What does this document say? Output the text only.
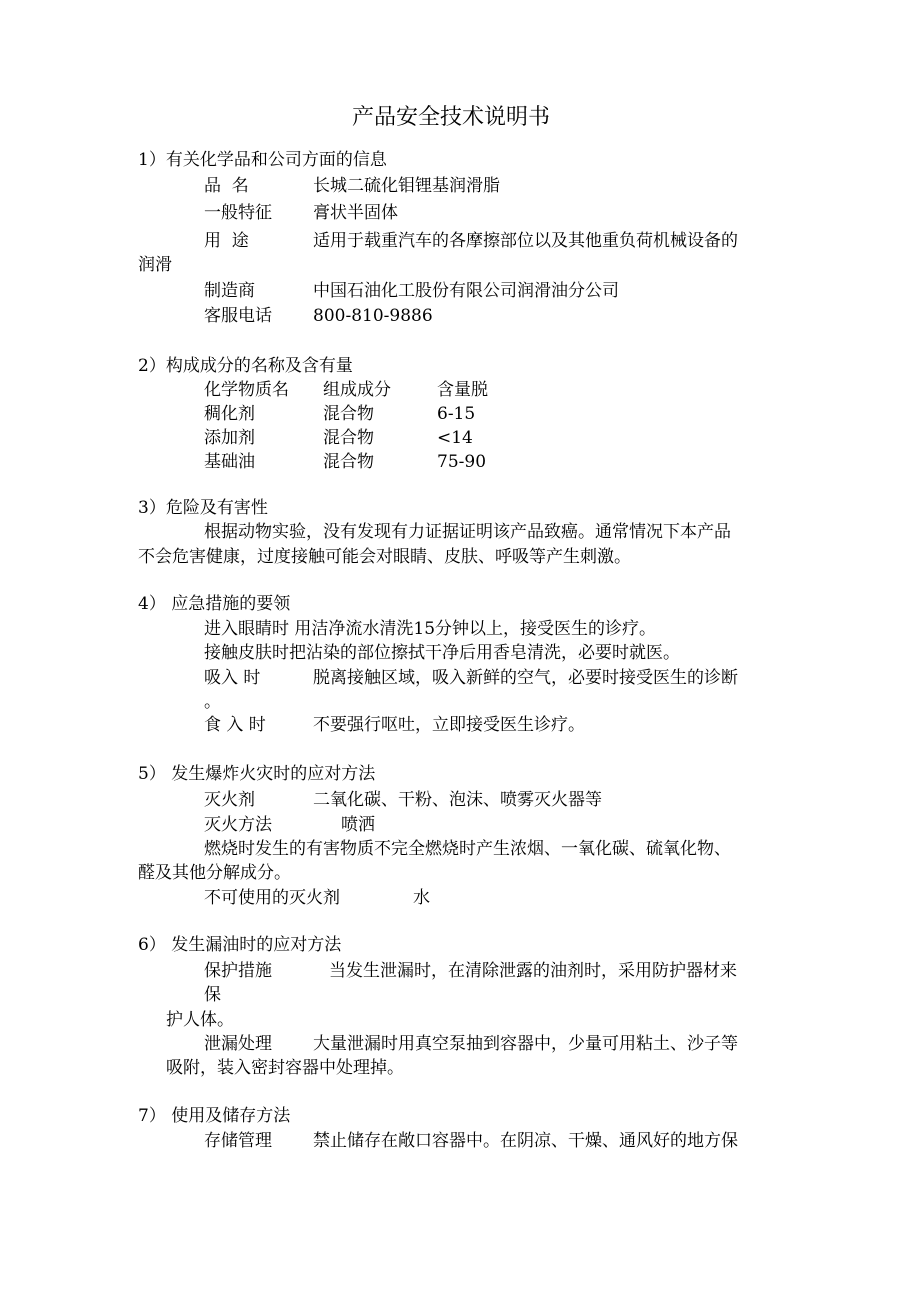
产品安全技术说明书
1）有关化学品和公司方面的信息
品  名	长城二硫化钼锂基润滑脂
一般特征 膏状半固体
用  途	适用于载重汽车的各摩擦部位以及其他重负荷机械设备的
润滑
制造商	中国石油化工股份有限公司润滑油分公司
客服电话 800-810-9886
2）构成成分的名称及含有量
化学物质名 组成成分	含量脱
稠化剂	混合物	6-15
添加剂	混合物	<14
基础油	混合物	75-90
3）危险及有害性
根据动物实验，没有发现有力证据证明该产品致癌。通常情况下本产品
不会危害健康，过度接触可能会对眼睛、皮肤、呼吸等产生刺激。
4） 应急措施的要领
进入眼睛时 用洁净流水清洗15分钟以上，接受医生的诊疗。
接触皮肤时把沾染的部位擦拭干净后用香皂清洗，必要时就医。
吸入 时	脱离接触区域，吸入新鲜的空气，必要时接受医生的诊断
。
食 入 时	不要强行呕吐，立即接受医生诊疗。
5） 发生爆炸火灾时的应对方法
灭火剂	二氧化碳、干粉、泡沫、喷雾灭火器等
灭火方法	喷洒
燃烧时发生的有害物质不完全燃烧时产生浓烟、一氧化碳、硫氧化物、
醛及其他分解成分。
不可使用的灭火剂	水
6） 发生漏油时的应对方法
保护措施	当发生泄漏时，在清除泄露的油剂时，采用防护器材来
保
护人体。
泄漏处理 大量泄漏时用真空泵抽到容器中，少量可用粘土、沙子等
吸附，装入密封容器中处理掉。
7） 使用及储存方法
存储管理 禁止储存在敞口容器中。在阴凉、干燥、通风好的地方保
